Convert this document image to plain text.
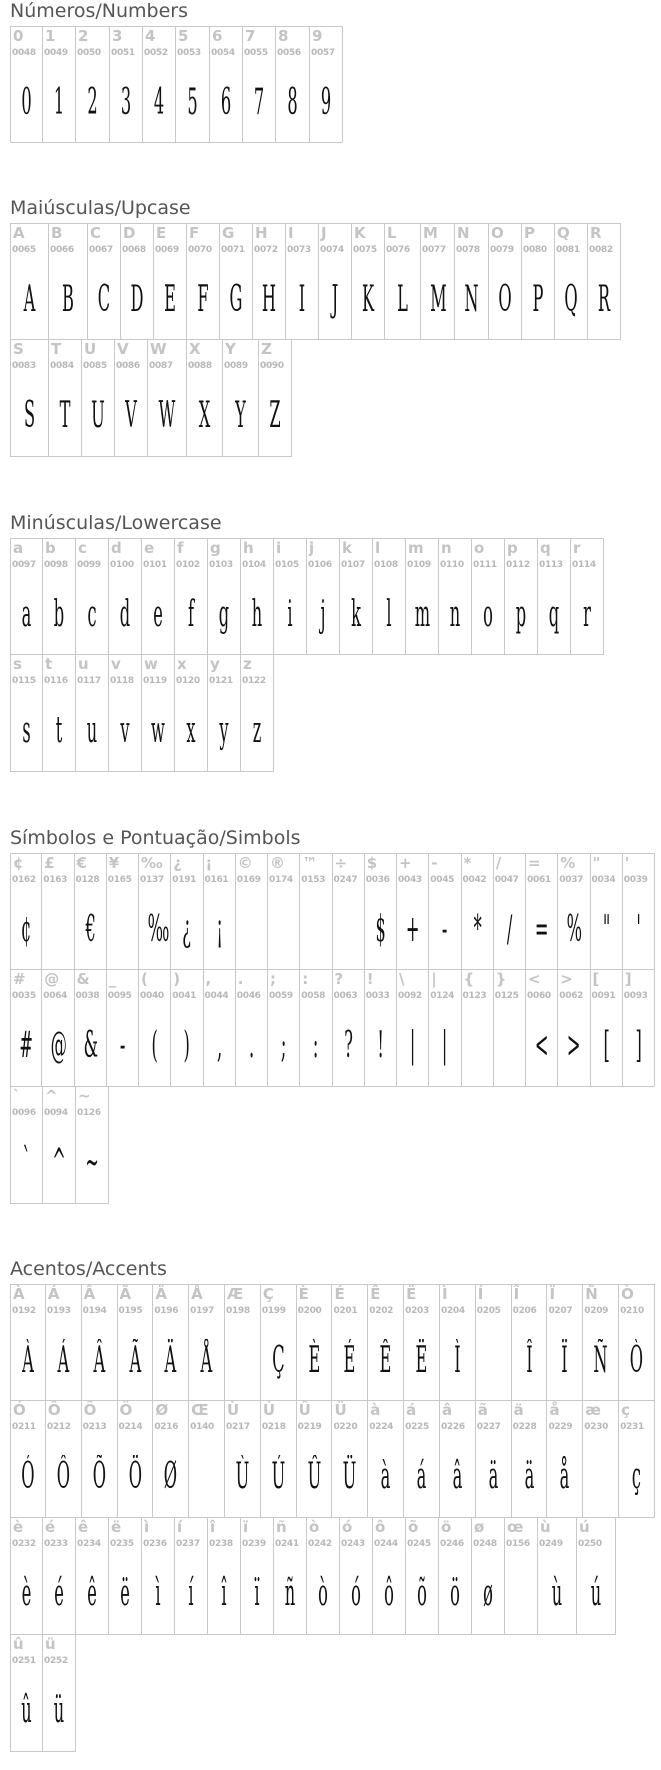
Números/Numbers
0
0048
0
1
0049
1
2
0050
2
3
0051
3
4
0052
4
5
0053
5
6
0054
6
7
0055
7
8
0056
8
9
0057
9
Maiúsculas/Upcase
A
0065
A
B
0066
B
C
0067
C
D
0068
D
E
0069
E
F
0070
F
G
0071
G
H
0072
H
I
0073
I
J
0074
J
K
0075
K
L
0076
L
M
0077
M
N
0078
N
O
0079
O
P
0080
P
Q
0081
Q
R
0082
R
S
0083
S
T
0084
T
U
0085
U
V
0086
V
W
0087
W
X
0088
X
Y
0089
Y
Z
0090
Z
Minúsculas/Lowercase
a
0097
a
b
0098
b
c
0099
c
d
0100
d
e
0101
e
f
0102
f
g
0103
g
h
0104
h
i
0105
i
j
0106
j
k
0107
k
l
0108
l
m
0109
m
n
0110
n
o
0111
o
p
0112
p
q
0113
q
r
0114
r
s
0115
s
t
0116
t
u
0117
u
v
0118
v
w
0119
w
x
0120
x
y
0121
y
z
0122
z
Símbolos e Pontuação/Simbols
¢
0162
¢
£
0163
€
0128
€
¥
0165
‰
0137
‰
¿
0191
¿
¡
0161
¡
©
0169
®
0174
™
0153
÷
0247
$
0036
$
+
0043
+
-
0045
-
*
0042
*
/
0047
/
=
0061
=
%
0037
%
"
0034
"
'
0039
'
#
0035
#
@
0064
@
&
0038
&
_
0095
-
(
0040
(
)
0041
)
,
0044
,
.
0046
.
;
0059
;
:
0058
:
?
0063
?
!
0033
!
\
0092
|
|
0124
|
{
0123
}
0125
<
0060
<
>
0062
>
[
0091
[
]
0093
]
`
0096
`
^
0094
^
~
0126
~
Acentos/Accents
À
0192
À
Á
0193
Á
Â
0194
Â
Ã
0195
Ã
Ä
0196
Ä
Å
0197
Å
Æ
0198
Ç
0199
Ç
È
0200
È
É
0201
É
Ê
0202
Ê
Ë
0203
Ë
Ì
0204
Ì
Í
0205
Î
0206
Î
Ï
0207
Ï
Ñ
0209
Ñ
Ò
0210
Ò
Ó
0211
Ó
Ô
0212
Ô
Õ
0213
Õ
Ö
0214
Ö
Ø
0216
Ø
Œ
0140
Ù
0217
Ù
Ú
0218
Ú
Û
0219
Û
Ü
0220
Ü
à
0224
à
á
0225
á
â
0226
â
ã
0227
ä
ä
0228
ä
å
0229
å
æ
0230
ç
0231
ç
è
0232
è
é
0233
é
ê
0234
ê
ë
0235
ë
ì
0236
ì
í
0237
í
î
0238
î
ï
0239
ï
ñ
0241
ñ
ò
0242
ò
ó
0243
ó
ô
0244
ô
õ
0245
õ
ö
0246
ö
ø
0248
ø
œ
0156
ù
0249
ù
ú
0250
ú
û
0251
û
ü
0252
ü
